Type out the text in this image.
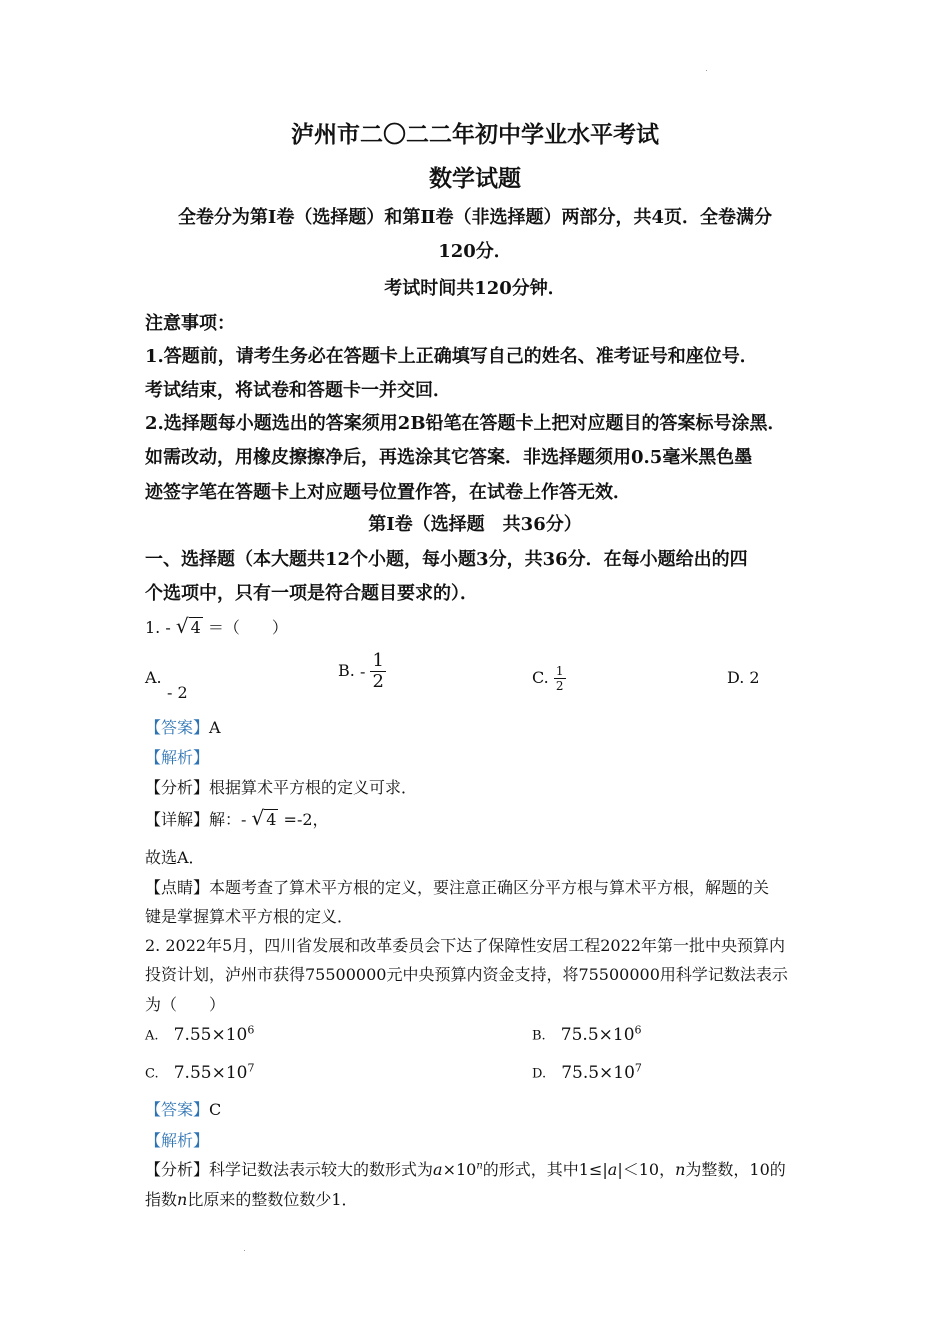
泸州市二〇二二年初中学业水平考试
数学试题
全卷分为第Ⅰ卷（选择题）和第Ⅱ卷（非选择题）两部分，共4页．全卷满分
120分．
考试时间共120分钟．
注意事项：
1.答题前，请考生务必在答题卡上正确填写自己的姓名、准考证号和座位号．
考试结束，将试卷和答题卡一并交回．
2.选择题每小题选出的答案须用2B铅笔在答题卡上把对应题目的答案标号涂黑．
如需改动，用橡皮擦擦净后，再选涂其它答案．非选择题须用0.5毫米黑色墨
迹签字笔在答题卡上对应题号位置作答，在试卷上作答无效．
第Ⅰ卷（选择题　共36分）
一、选择题（本大题共12个小题，每小题3分，共36分．在每小题给出的四
个选项中，只有一项是符合题目要求的）．
1. - √ 4 ＝（　　）
A.
- 2
B. - $\frac{1}{2}$	C. $\frac{1}{2}$	D. 2
【答案】A
【解析】
【分析】根据算术平方根的定义可求．
【详解】解：- √ 4 =-2，
故选A．
【点睛】本题考查了算术平方根的定义，要注意正确区分平方根与算术平方根，解题的关
键是掌握算术平方根的定义．
2. 2022年5月，四川省发展和改革委员会下达了保障性安居工程2022年第一批中央预算内
投资计划，泸州市获得75500000元中央预算内资金支持，将75500000用科学记数法表示
为（　　）
A. $7.55\times 10^6$	B. $75.5\times 10^6$
C. $7.55\times 10^7$	D. $75.5\times 10^7$
【答案】C
【解析】
【分析】科学记数法表示较大的数形式为$a\times 10^n$的形式，其中1≤|a|＜10，n为整数，10的
指数n比原来的整数位数少1．
